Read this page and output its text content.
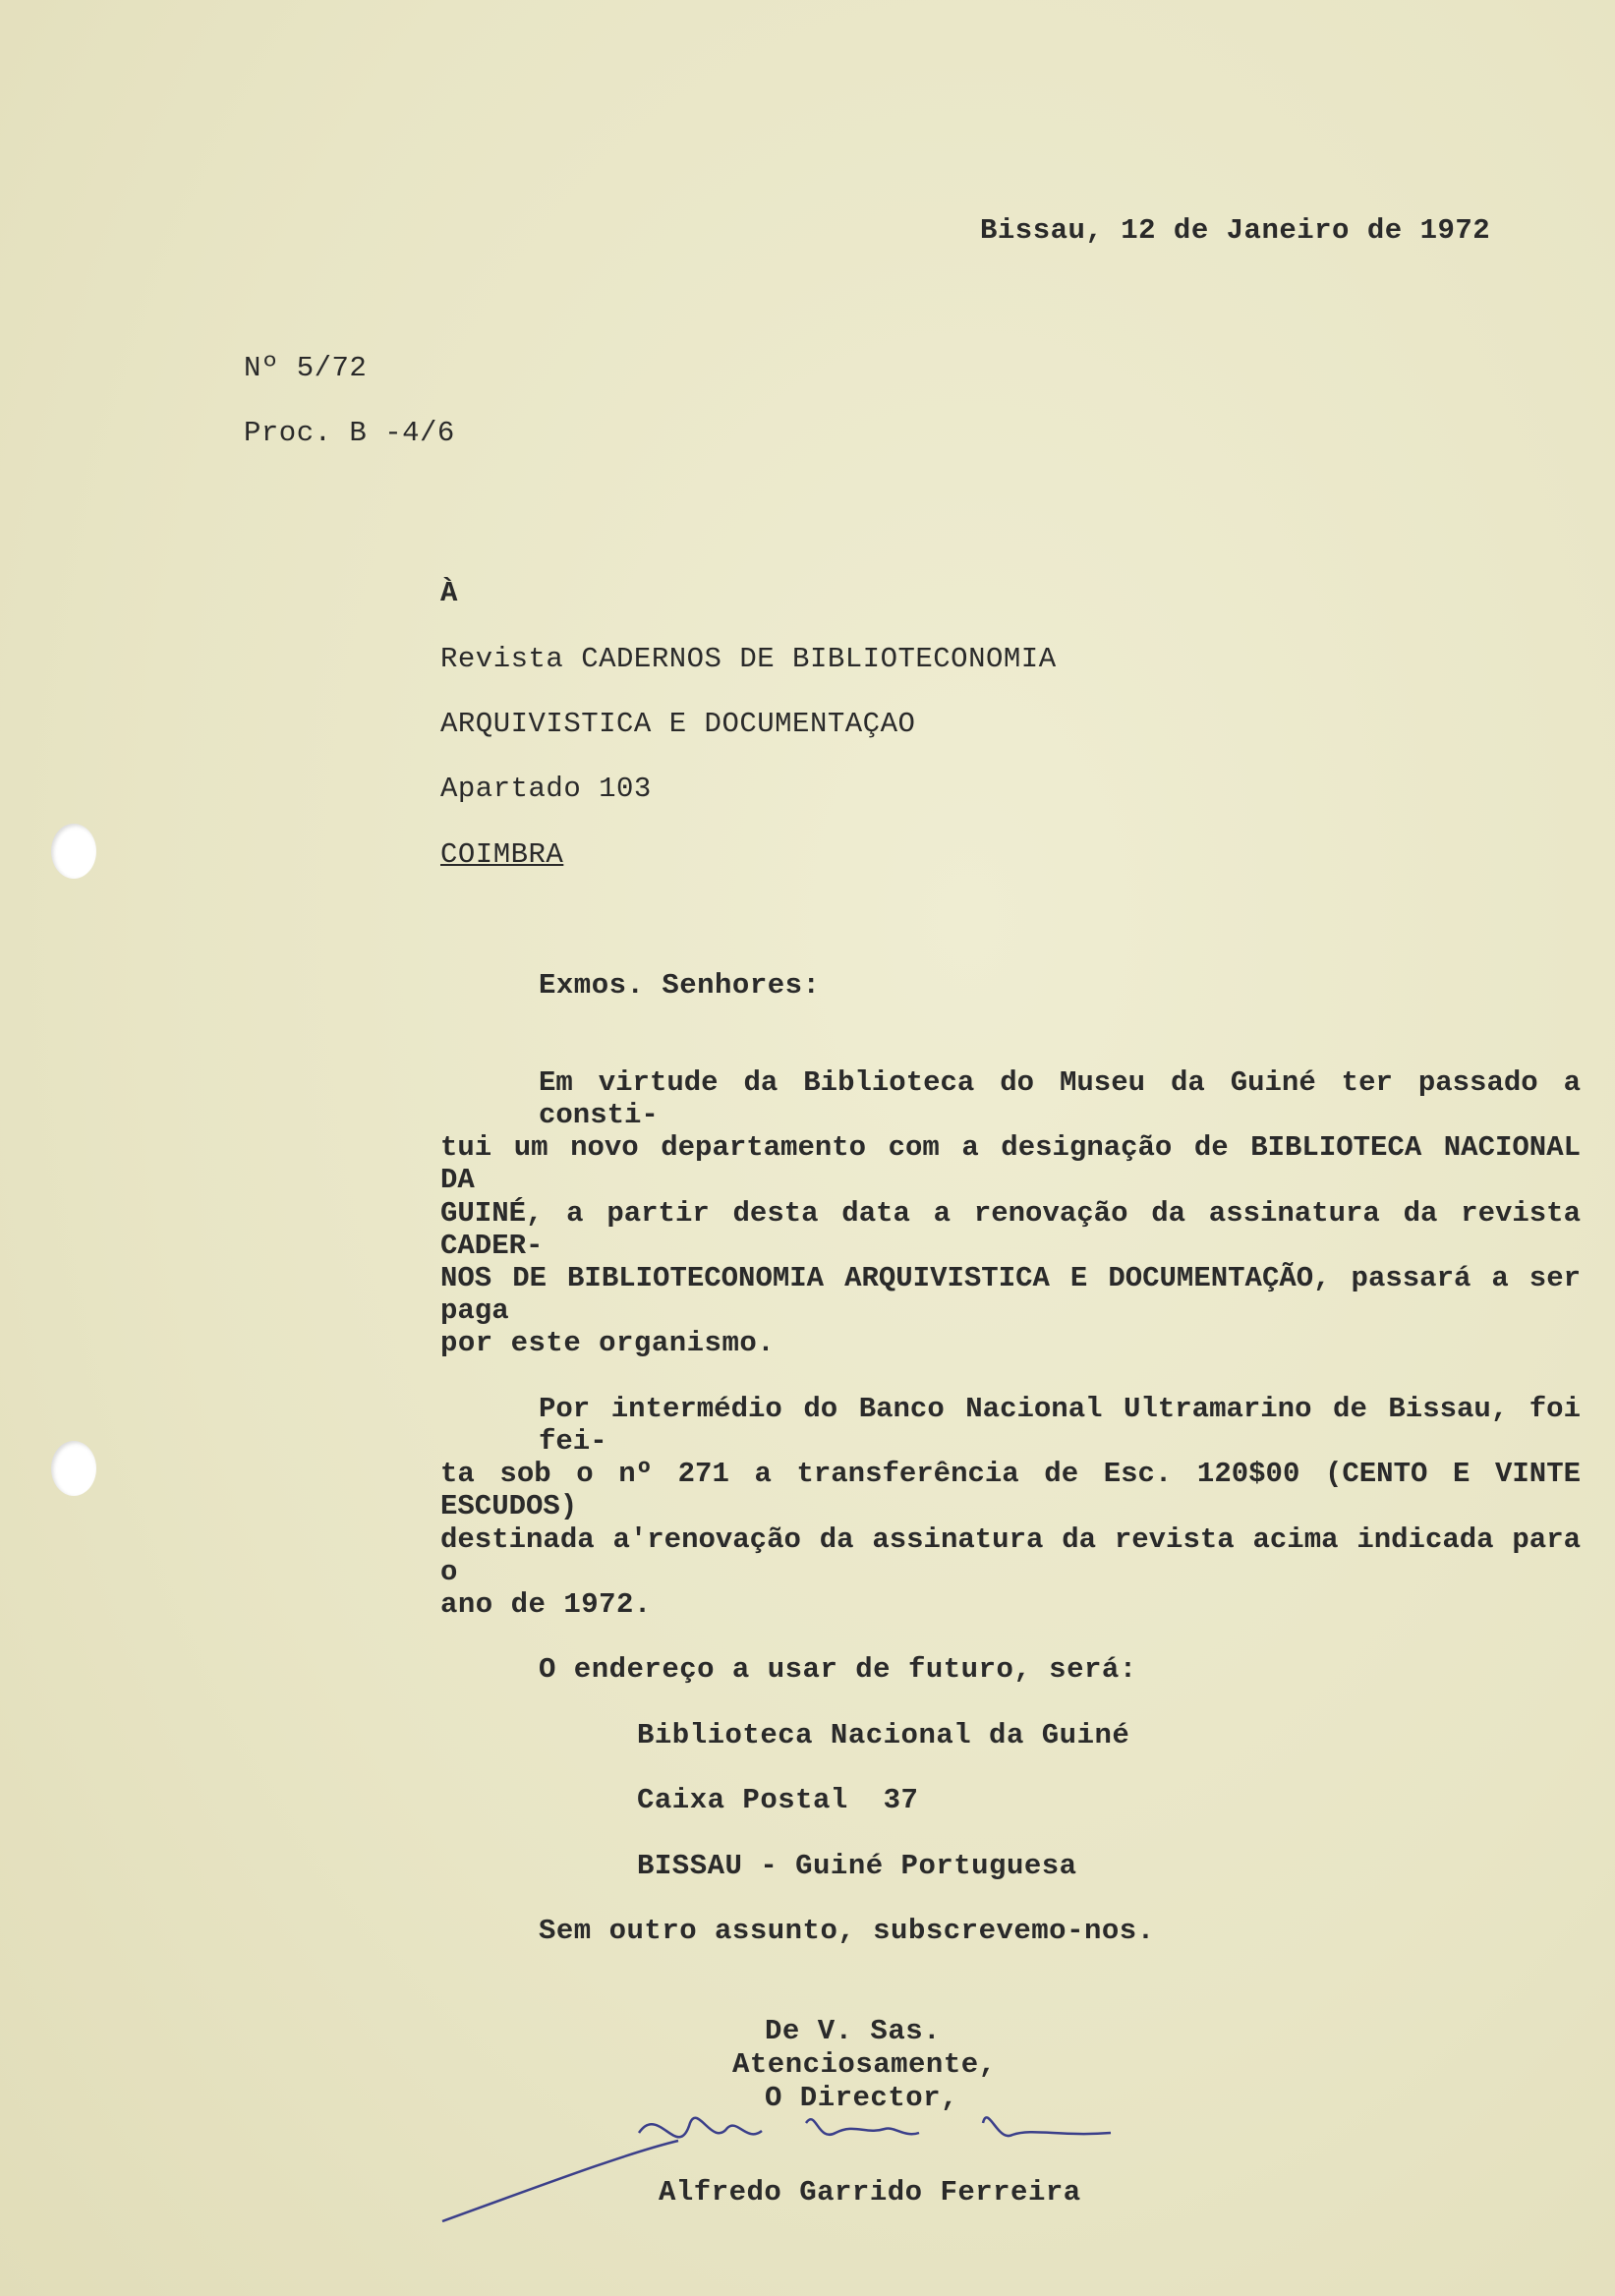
Bissau, 12 de Janeiro de 1972
Nº 5/72
Proc. B -4/6
À
Revista CADERNOS DE BIBLIOTECONOMIA
ARQUIVISTICA E DOCUMENTAÇAO
Apartado 103
COIMBRA
Exmos. Senhores:
Em virtude da Biblioteca do Museu da Guiné ter passado a consti-
tui um novo departamento com a designação de BIBLIOTECA NACIONAL DA
GUINÉ, a partir desta data a renovação da assinatura da revista CADER-
NOS DE BIBLIOTECONOMIA ARQUIVISTICA E DOCUMENTAÇÃO, passará a ser paga
por este organismo.
Por intermédio do Banco Nacional Ultramarino de Bissau, foi fei-
ta sob o nº 271 a transferência de Esc. 120$00 (CENTO E VINTE ESCUDOS)
destinada a'renovação da assinatura da revista acima indicada para o
ano de 1972.
O endereço a usar de futuro, será:
Biblioteca Nacional da Guiné
Caixa Postal  37
BISSAU - Guiné Portuguesa
Sem outro assunto, subscrevemo-nos.
De V. Sas.
Atenciosamente,
O Director,
Alfredo Garrido Ferreira
